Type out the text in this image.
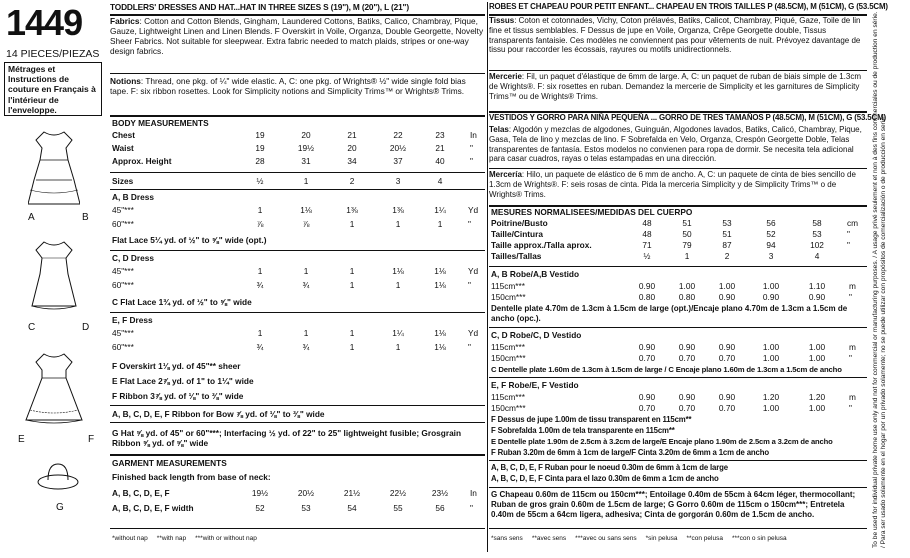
1449
14 PIECES/PIEZAS
Métrages et Instructions de couture en Français à l'intérieur de l'enveloppe.
A	B
C	D
E	F
G
TODDLERS' DRESSES AND HAT...HAT IN THREE SIZES S (19"), M (20"), L (21")
Fabrics: Cotton and Cotton Blends, Gingham, Laundered Cottons, Batiks, Calico, Chambray, Pique, Gauze, Lightweight Linen and Linen Blends. F Overskirt in Voile, Organza, Double Georgette, Novelty Sheer Fabrics. Not suitable for sleepwear. Extra fabric needed to match plaids, stripes or one-way design fabrics.
Notions: Thread, one pkg. of ¼" wide elastic. A, C: one pkg. of Wrights® ½" wide single fold bias tape. F: six ribbon rosettes. Look for Simplicity notions and Simplicity Trims™ or Wrights® Trims.
BODY MEASUREMENTS
Chest	19	20	21	22	23	In
Waist	19	19½	20	20½	21	"
Approx. Height	28	31	34	37	40	"
Sizes	½	1	2	3	4
A, B Dress
45"***	1	1⅛	1⅜	1⅜	1¼	Yd
60"***	⅞	⅞	1	1	1	"
Flat Lace 5¼ yd. of ½" to ⅝" wide (opt.)
C, D Dress
45"***	1	1	1	1⅛	1⅛	Yd
60"***	¾	¾	1	1	1⅛	"
C Flat Lace 1¾ yd. of ½" to ⅝" wide
E, F Dress
45"***	1	1	1	1¼	1⅛	Yd
60"***	¾	¾	1	1	1⅛	"
F Overskirt 1⅛ yd. of 45"** sheer
E Flat Lace 2⅞ yd. of 1" to 1¼" wide
F Ribbon 3⅞ yd. of ⅛" to ⅜" wide
A, B, C, D, E, F Ribbon for Bow ⅞ yd. of ⅛" to ⅜" wide
G Hat ⅝ yd. of 45" or 60"***; Interfacing ½ yd. of 22" to 25" lightweight fusible; Grosgrain Ribbon ⅝ yd. of ⅝" wide
GARMENT MEASUREMENTS
Finished back length from base of neck:
A, B, C, D, E, F	19½	20½	21½	22½	23½	In
A, B, C, D, E, F width	52	53	54	55	56	"
*without nap     **with nap     ***with or without nap
ROBES ET CHAPEAU POUR PETIT ENFANT... CHAPEAU EN TROIS TAILLES P (48.5CM), M (51CM), G (53.5CM)
Tissus: Coton et cotonnades, Vichy, Coton prélavés, Batiks, Calicot, Chambray, Piqué, Gaze, Toile de lin fine et tissus semblables. F Dessus de jupe en Voile, Organza, Crêpe Georgette double, Tissus transparents fantaisie. Ces modèles ne conviennent pas pour vêtements de nuit. Prévoyez davantage de tissu pour raccorder les écossais, rayures ou motifs unidirectionnels.
Mercerie: Fil, un paquet d'élastique de 6mm de large. A, C: un paquet de ruban de biais simple de 1.3cm de Wrights®. F: six rosettes en ruban. Demandez la mercerie de Simplicity et les garnitures de Simplicity Trims™ ou de Wrights® Trims.
VESTIDOS Y GORRO PARA NIÑA PEQUEÑA ... GORRO DE TRES TAMAÑOS P (48.5CM), M (51CM), G (53.5CM)
Telas: Algodón y mezclas de algodones, Guinguán, Algodones lavados, Batiks, Calicó, Chambray, Pique, Gasa, Tela de lino y mezclas de lino. F Sobrefalda en Velo, Organza, Crespón Georgette Doble, Telas transparentes de fantasía. Estos modelos no convienen para ropa de dormir. Se necesita tela adicional para casar cuadros, rayas o telas estampadas en una dirección.
Mercería: Hilo, un paquete de elástico de 6 mm de ancho. A, C: un paquete de cinta de bies sencillo de 1.3cm de Wrights®. F: seis rosas de cinta. Pida la merceria Simplicity y de Simplicity Trims™ o de Wrights® Trims.
MESURES NORMALISEES/MEDIDAS DEL CUERPO
Poitrine/Busto	48	51	53	56	58	cm
Taille/Cintura	48	50	51	52	53	"
Taille approx./Talla aprox.	71	79	87	94	102	"
Tailles/Tallas	½	1	2	3	4
A, B Robe/A,B Vestido
115cm***	0.90	1.00	1.00	1.00	1.10	m
150cm***	0.80	0.80	0.90	0.90	0.90	"
Dentelle plate 4.70m de 1.3cm à 1.5cm de large (opt.)/Encaje plano 4.70m de 1.3cm a 1.5cm de ancho (opc.).
C, D Robe/C, D Vestido
115cm***	0.90	0.90	0.90	1.00	1.00	m
150cm***	0.70	0.70	0.70	1.00	1.00	"
C Dentelle plate 1.60m de 1.3cm à 1.5cm de large / C Encaje plano 1.60m de 1.3cm a 1.5cm de ancho
E, F Robe/E, F Vestido
115cm***	0.90	0.90	0.90	1.20	1.20	m
150cm***	0.70	0.70	0.70	1.00	1.00	"
F Dessus de jupe 1.00m de tissu transparent en 115cm**
F Sobrefalda 1.00m de tela transparente en 115cm**
E Dentelle plate 1.90m de 2.5cm à 3.2cm de large/E Encaje plano 1.90m de 2.5cm a 3.2cm de ancho
F Ruban 3.20m de 6mm à 1cm de large/F Cinta 3.20m de 6mm a 1cm de ancho
A, B, C, D, E, F Ruban pour le noeud 0.30m de 6mm à 1cm de large
A, B, C, D, E, F Cinta para el lazo 0.30m de 6mm a 1cm de ancho
G Chapeau 0.60m de 115cm ou 150cm***; Entoilage 0.40m de 55cm à 64cm léger, thermocollant; Ruban de gros grain 0.60m de 1.5cm de large; G Gorro 0.60m de 115cm o 150cm***; Entretela 0.40m de 55cm a 64cm ligera, adhesiva; Cinta de gorgorán 0.60m de 1.5cm de ancho.
*sans sens     **avec sens     ***avec ou sans sens     *sin pelusa     **con pelusa     ***con o sin pelusa	To be used for individual private home use only and not for commercial or manufacturing purposes. / A usage privé seulement et non à des fins commerciales ou de production en série. / Para ser usado solamente en el hogar por un privado solamente; no se puede utilizar con propósitos de comercialización o de producción en serie.
